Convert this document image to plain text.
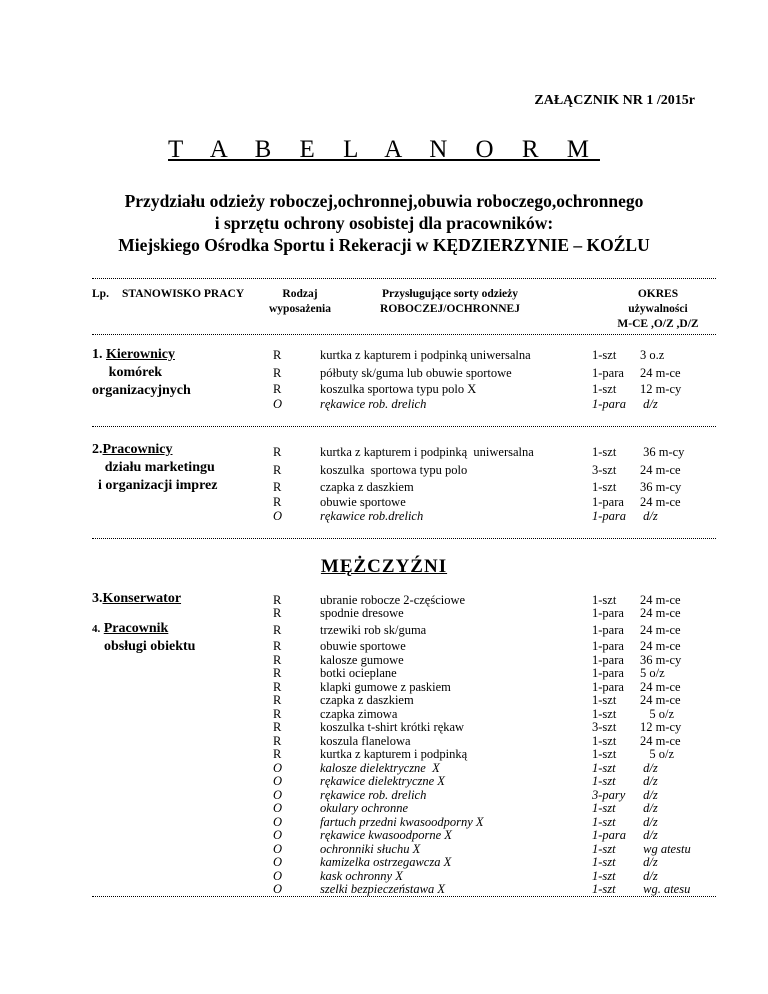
ZAŁĄCZNIK NR 1 /2015r
T A B E L A N O R M
Przydziału odzieży roboczej,ochronnej,obuwia roboczego,ochronnego
i sprzętu ochrony osobistej dla pracowników:
Miejskiego Ośrodka Sportu i Rekeracji w KĘDZIERZYNIE – KOŹLU
Lp. STANOWISKO PRACY	Rodzaj
wyposażenia
Przysługujące sorty odzieży
ROBOCZEJ/OCHRONNEJ
OKRES
używalności
M-CE ,O/Z ,D/Z
1. Kierownicy
komórek
organizacyjnych
R	kurtka z kapturem i podpinką uniwersalna	1-szt 3 o.z
R	półbuty sk/guma lub obuwie sportowe	1-para 24 m-ce
R	koszulka sportowa typu polo X	1-szt 12 m-cy
O	rękawice rob. drelich	1-para d/z
2.Pracownicy
działu marketingu
i organizacji imprez
R	kurtka z kapturem i podpinką  uniwersalna	1-szt 36 m-cy
R	koszulka  sportowa typu polo	3-szt 24 m-ce
R	czapka z daszkiem	1-szt 36 m-cy
R	obuwie sportowe	1-para 24 m-ce
O	rękawice rob.drelich	1-para d/z
MĘŻCZYŹNI
3.Konserwator
4. Pracownik
obsługi obiektu
R	ubranie robocze 2-częściowe	1-szt 24 m-ce
R	spodnie dresowe	1-para 24 m-ce
R	trzewiki rob sk/guma	1-para 24 m-ce
R	obuwie sportowe	1-para 24 m-ce
R	kalosze gumowe	1-para 36 m-cy
R	botki ocieplane	1-para 5 o/z
R	klapki gumowe z paskiem	1-para 24 m-ce
R	czapka z daszkiem	1-szt 24 m-ce
R	czapka zimowa	1-szt 5 o/z
R	koszulka t-shirt krótki rękaw	3-szt 12 m-cy
R	koszula flanelowa	1-szt 24 m-ce
R	kurtka z kapturem i podpinką	1-szt 5 o/z
O	kalosze dielektryczne  X	1-szt d/z
O	rękawice dielektryczne X	1-szt d/z
O	rękawice rob. drelich	3-pary d/z
O	okulary ochronne	1-szt d/z
O	fartuch przedni kwasoodporny X	1-szt d/z
O	rękawice kwasoodporne X	1-para d/z
O	ochronniki słuchu X	1-szt wg atestu
O	kamizelka ostrzegawcza X	1-szt d/z
O	kask ochronny X	1-szt d/z
O	szelki bezpieczeństawa X	1-szt wg. atesu
